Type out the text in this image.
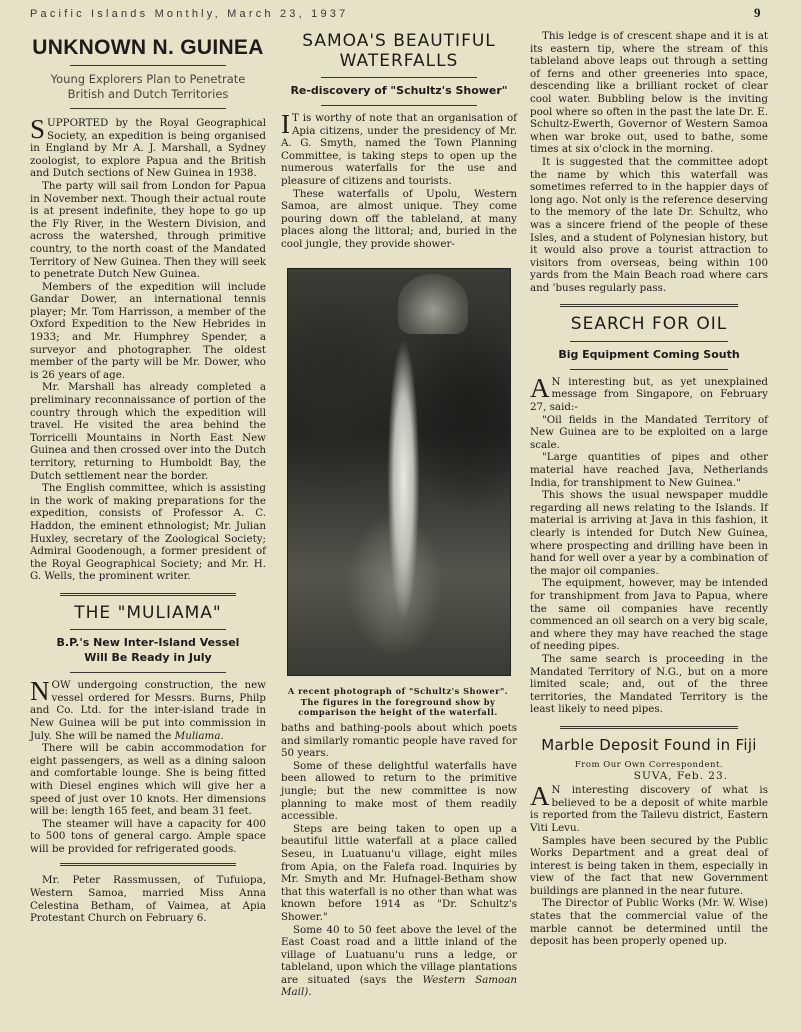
Pacific Islands Monthly, March 23, 1937	9
UNKNOWN N. GUINEA
Young Explorers Plan to Penetrate British and Dutch Territories

SUPPORTED by the Royal Geographical Society, an expedition is being organised in England by Mr A. J. Marshall, a Sydney zoologist, to explore Papua and the British and Dutch sections of New Guinea in 1938.

The party will sail from London for Papua in November next. Though their actual route is at present indefinite, they hope to go up the Fly River, in the Western Division, and across the watershed, through primitive country, to the north coast of the Mandated Territory of New Guinea. Then they will seek to penetrate Dutch New Guinea.

Members of the expedition will include Gandar Dower, an international tennis player; Mr. Tom Harrisson, a member of the Oxford Expedition to the New Hebrides in 1933; and Mr. Humphrey Spender, a surveyor and photographer. The oldest member of the party will be Mr. Dower, who is 26 years of age.

Mr. Marshall has already completed a preliminary reconnaissance of portion of the country through which the expedition will travel. He visited the area behind the Torricelli Mountains in North East New Guinea and then crossed over into the Dutch territory, returning to Humboldt Bay, the Dutch settlement near the border.

The English committee, which is assisting in the work of making preparations for the expedition, consists of Professor A. C. Haddon, the eminent ethnologist; Mr. Julian Huxley, secretary of the Zoological Society; Admiral Goodenough, a former president of the Royal Geographical Society; and Mr. H. G. Wells, the prominent writer.

THE "MULIAMA"
B.P.'s New Inter-Island Vessel Will Be Ready in July

NOW undergoing construction, the new vessel ordered for Messrs. Burns, Philp and Co. Ltd. for the inter-island trade in New Guinea will be put into commission in July. She will be named the Muliama.

There will be cabin accommodation for eight passengers, as well as a dining saloon and comfortable lounge. She is being fitted with Diesel engines which will give her a speed of just over 10 knots. Her dimensions will be: length 165 feet, and beam 31 feet.

The steamer will have a capacity for 400 to 500 tons of general cargo. Ample space will be provided for refrigerated goods.

Mr. Peter Rassmussen, of Tufuiopa, Western Samoa, married Miss Anna Celestina Betham, of Vaimea, at Apia Protestant Church on February 6.

SAMOA'S BEAUTIFUL WATERFALLS
Re-discovery of "Schultz's Shower"

IT is worthy of note that an organisation of Apia citizens, under the presidency of Mr. A. G. Smyth, named the Town Planning Committee, is taking steps to open up the numerous waterfalls for the use and pleasure of citizens and tourists.

These waterfalls of Upolu, Western Samoa, are almost unique. They come pouring down off the tableland, at many places along the littoral; and, buried in the cool jungle, they provide shower-

A recent photograph of "Schultz's Shower". The figures in the foreground show by comparison the height of the waterfall.

baths and bathing-pools about which poets and similarly romantic people have raved for 50 years.

Some of these delightful waterfalls have been allowed to return to the primitive jungle; but the new committee is now planning to make most of them readily accessible.

Steps are being taken to open up a beautiful little waterfall at a place called Seseu, in Luatuanu'u village, eight miles from Apia, on the Falefa road. Inquiries by Mr. Smyth and Mr. Hufnagel-Betham show that this waterfall is no other than what was known before 1914 as "Dr. Schultz's Shower."

Some 40 to 50 feet above the level of the East Coast road and a little inland of the village of Luatuanu'u runs a ledge, or tableland, upon which the village plantations are situated (says the Western Samoan Mail).

This ledge is of crescent shape and it is at its eastern tip, where the stream of this tableland above leaps out through a setting of ferns and other greeneries into space, descending like a brilliant rocket of clear cool water. Bubbling below is the inviting pool where so often in the past the late Dr. E. Schultz-Ewerth, Governor of Western Samoa when war broke out, used to bathe, some times at six o'clock in the morning.

It is suggested that the committee adopt the name by which this waterfall was sometimes referred to in the happier days of long ago. Not only is the reference deserving to the memory of the late Dr. Schultz, who was a sincere friend of the people of these Isles, and a student of Polynesian history, but it would also prove a tourist attraction to visitors from overseas, being within 100 yards from the Main Beach road where cars and 'buses regularly pass.

SEARCH FOR OIL
Big Equipment Coming South

AN interesting but, as yet unexplained message from Singapore, on February 27, said:-

"Oil fields in the Mandated Territory of New Guinea are to be exploited on a large scale.

"Large quantities of pipes and other material have reached Java, Netherlands India, for transhipment to New Guinea."

This shows the usual newspaper muddle regarding all news relating to the Islands. If material is arriving at Java in this fashion, it clearly is intended for Dutch New Guinea, where prospecting and drilling have been in hand for well over a year by a combination of the major oil companies.

The equipment, however, may be intended for transhipment from Java to Papua, where the same oil companies have recently commenced an oil search on a very big scale, and where they may have reached the stage of needing pipes.

The same search is proceeding in the Mandated Territory of N.G., but on a more limited scale; and, out of the three territories, the Mandated Territory is the least likely to need pipes.

Marble Deposit Found in Fiji
From Our Own Correspondent.
SUVA, Feb. 23.

AN interesting discovery of what is believed to be a deposit of white marble is reported from the Tailevu district, Eastern Viti Levu.

Samples have been secured by the Public Works Department and a great deal of interest is being taken in them, especially in view of the fact that new Government buildings are planned in the near future.

The Director of Public Works (Mr. W. Wise) states that the commercial value of the marble cannot be determined until the deposit has been properly opened up.
